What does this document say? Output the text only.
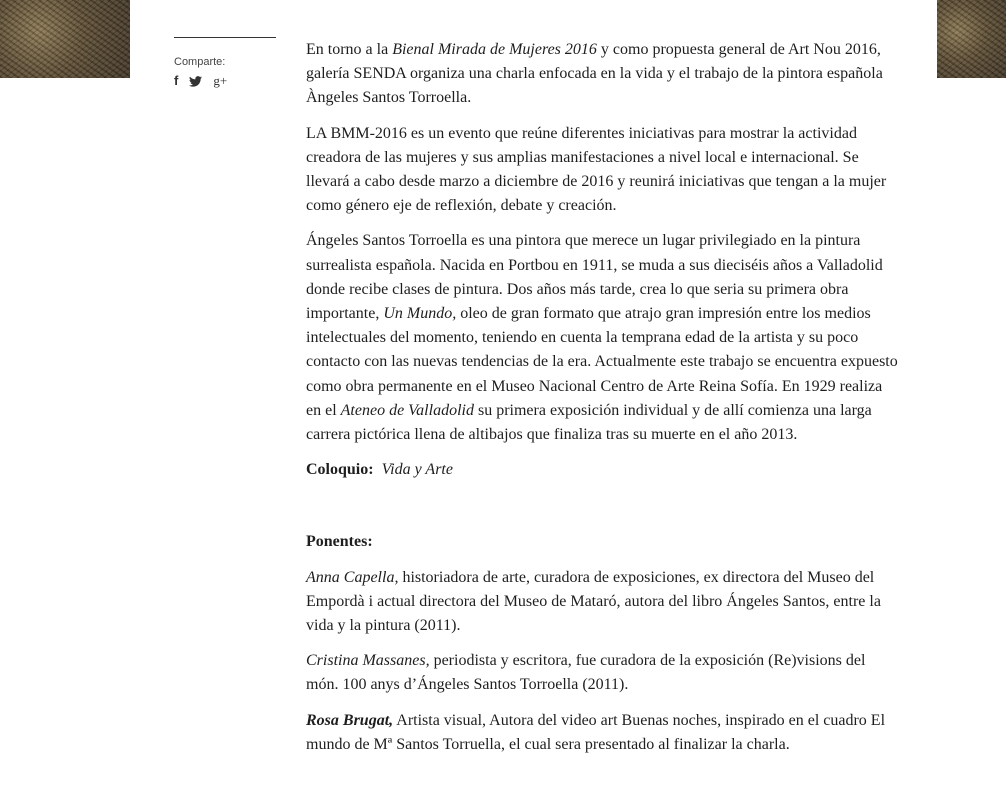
Comparte:
f	g+

En torno a la Bienal Mirada de Mujeres 2016 y como propuesta general de Art Nou 2016, galería SENDA organiza una charla enfocada en la vida y el trabajo de la pintora española Àngeles Santos Torroella.

LA BMM-2016 es un evento que reúne diferentes iniciativas para mostrar la actividad creadora de las mujeres y sus amplias manifestaciones a nivel local e internacional. Se llevará a cabo desde marzo a diciembre de 2016 y reunirá iniciativas que tengan a la mujer como género eje de reflexión, debate y creación.

Ángeles Santos Torroella es una pintora que merece un lugar privilegiado en la pintura surrealista española. Nacida en Portbou en 1911, se muda a sus dieciséis años a Valladolid donde recibe clases de pintura. Dos años más tarde, crea lo que seria su primera obra importante, Un Mundo, oleo de gran formato que atrajo gran impresión entre los medios intelectuales del momento, teniendo en cuenta la temprana edad de la artista y su poco contacto con las nuevas tendencias de la era. Actualmente este trabajo se encuentra expuesto como obra permanente en el Museo Nacional Centro de Arte Reina Sofía. En 1929 realiza en el Ateneo de Valladolid su primera exposición individual y de allí comienza una larga carrera pictórica llena de altibajos que finaliza tras su muerte en el año 2013.

Coloquio:  Vida y Arte

Ponentes:

Anna Capella, historiadora de arte, curadora de exposiciones, ex directora del Museo del Empordà i actual directora del Museo de Mataró, autora del libro Ángeles Santos, entre la vida y la pintura (2011).

Cristina Massanes, periodista y escritora, fue curadora de la exposición (Re)visions del món. 100 anys d’Ángeles Santos Torroella (2011).

Rosa Brugat, Artista visual, Autora del video art Buenas noches, inspirado en el cuadro El mundo de Mª Santos Torruella, el cual sera presentado al finalizar la charla.
